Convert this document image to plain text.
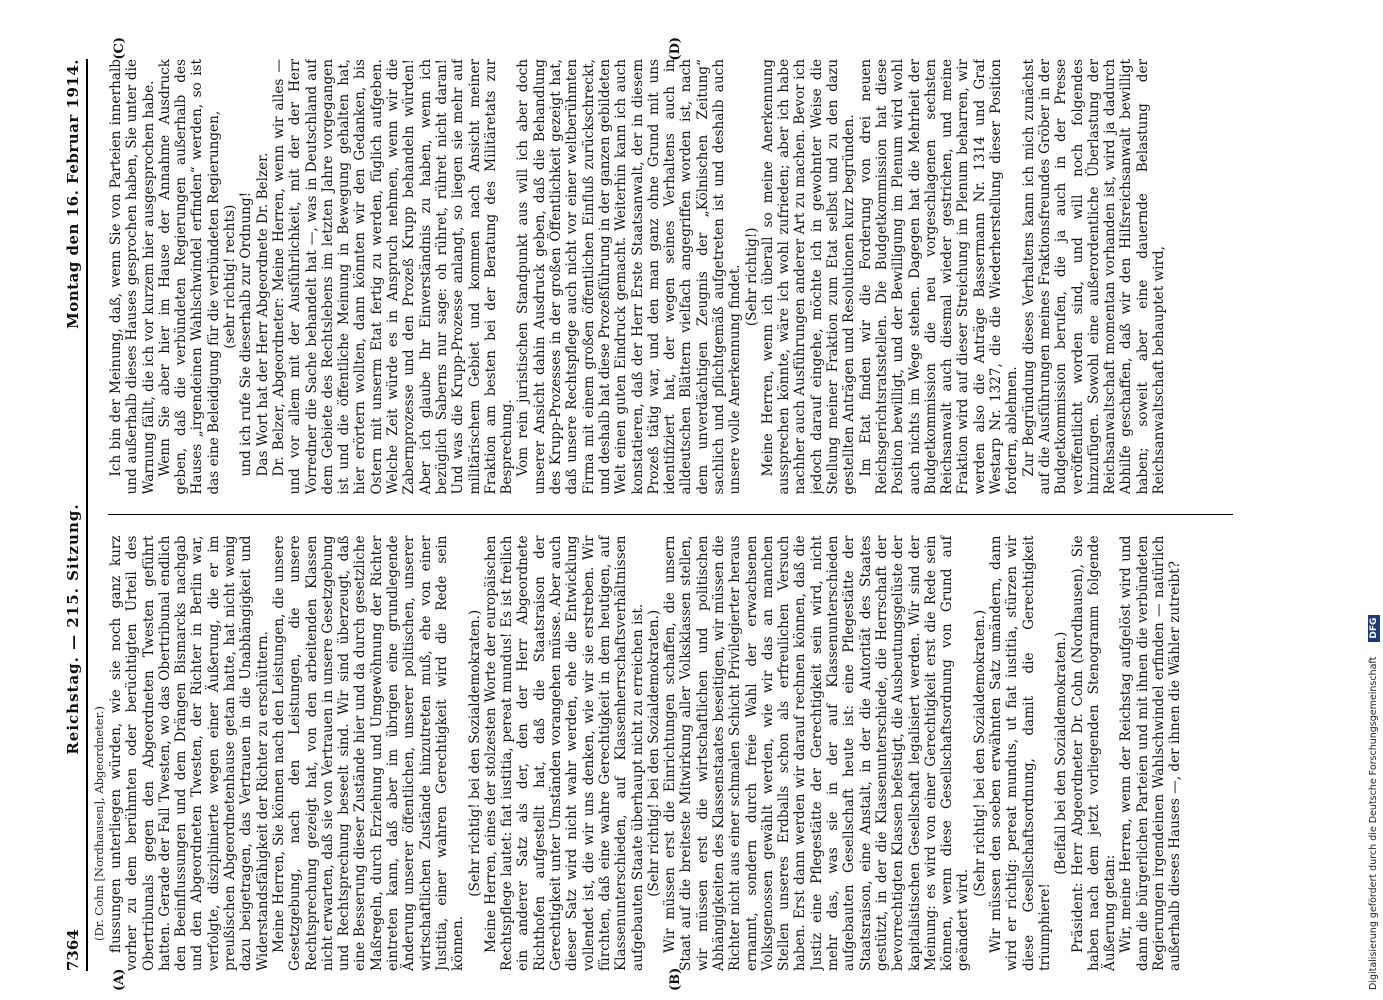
7364
Reichstag. — 215. Sitzung.
Montag den 16. Februar 1914.
(Dr. Cohn [Nordhausen], Abgeordneter.)
(A)	(B)

flussungen unterliegen würden, wie sie noch ganz kurz vorher zu dem berühmten oder berüchtigten Urteil des Obertribunals gegen den Abgeordneten Twesten geführt hatten. Gerade der Fall Twesten, wo das Obertribunal endlich den Beeinflussungen und dem Drängen Bismarcks nachgab und den Abgeordneten Twesten, der Richter in Berlin war, verfolgte, disziplinierte wegen einer Äußerung, die er im preußischen Abgeordnetenhause getan hatte, hat nicht wenig dazu beigetragen, das Vertrauen in die Unabhängigkeit und Widerstandsfähigkeit der Richter zu erschüttern. Meine Herren, Sie können nach den Leistungen, die unsere Gesetzgebung, nach den Leistungen, die unsere Rechtsprechung gezeigt hat, von den arbeitenden Klassen nicht erwarten, daß sie von Vertrauen in unsere Gesetzgebung und Rechtsprechung beseelt sind. Wir sind überzeugt, daß eine Besserung dieser Zustände hier und da durch gesetzliche Maßregeln, durch Erziehung und Umgewöhnung der Richter eintreten kann, daß aber im übrigen eine grundlegende Änderung unserer öffentlichen, unserer politischen, unserer wirtschaftlichen Zustände hinzutreten muß, ehe von einer Justitia, einer wahren Gerechtigkeit wird die Rede sein können.

(Sehr richtig! bei den Sozialdemokraten.) Meine Herren, eines der stolzesten Worte der europäischen Rechtspflege lautet: fiat iustitia, pereat mundus! Es ist freilich ein anderer Satz als der, den der Herr Abgeordnete Richthofen aufgestellt hat, daß die Staatsraison der Gerechtigkeit unter Umständen vorangehen müsse. Aber auch dieser Satz wird nicht wahr werden, ehe die Entwicklung vollendet ist, die wir uns denken, wie wir sie erstreben. Wir fürchten, daß eine wahre Gerechtigkeit in dem heutigen, auf Klassenunterschieden, auf Klassenherrschaftsverhältnissen aufgebauten Staate überhaupt nicht zu erreichen ist. (Sehr richtig! bei den Sozialdemokraten.) Wir müssen erst die Einrichtungen schaffen, die unsern Staat auf die breiteste Mitwirkung aller Volksklassen stellen, wir müssen erst die wirtschaftlichen und politischen Abhängigkeiten des Klassenstaates beseitigen, wir müssen die Richter nicht aus einer schmalen Schicht Privilegierter heraus ernannt, sondern durch freie Wahl der erwachsenen Volksgenossen gewählt werden, wie wir das an manchen Stellen unseres Erdballs schon als erfreulichen Versuch haben. Erst dann werden wir darauf rechnen können, daß die Justiz eine Pflegestätte der Gerechtigkeit sein wird, nicht mehr das, was sie in der auf Klassenunterschieden aufgebauten Gesellschaft heute ist: eine Pflegestätte der Staatsraison, eine Anstalt, in der die Autorität des Staates gestützt, in der die Klassenunterschiede, die Herrschaft der bevorrechtigten Klassen befestigt, die Ausbeutungsgelüste der kapitalistischen Gesellschaft legalisiert werden. Wir sind der Meinung: es wird von einer Gerechtigkeit erst die Rede sein können, wenn diese Gesellschaftsordnung von Grund auf geändert wird.

(Sehr richtig! bei den Sozialdemokraten.) Wir müssen den soeben erwähnten Satz umändern, dann wird er richtig: pereat mundus, ut fiat iustitia, stürzen wir diese Gesellschaftsordnung, damit die Gerechtigkeit triumphiere!

(Beifall bei den Sozialdemokraten.) Präsident: Herr Abgeordneter Dr. Cohn (Nordhausen), Sie haben nach dem jetzt vorliegenden Stenogramm folgende Äußerung getan: Wir, meine Herren, wenn der Reichstag aufgelöst wird und dann die bürgerlichen Parteien und mit ihnen die verbündeten Regierungen irgendeinen Wahlschwindel erfinden — natürlich außerhalb dieses Hauses —, der ihnen die Wähler zutreibt?

Ich bin der Meinung, daß, wenn Sie von Parteien innerhalb und außerhalb dieses Hauses gesprochen haben, Sie unter die Warnung fällt, die ich vor kurzem hier ausgesprochen habe. Wenn Sie aber hier im Hause der Annahme Ausdruck geben, daß die verbündeten Regierungen außerhalb des Hauses „irgendeinen Wahlschwindel erfinden“ werden, so ist das eine Beleidigung für die verbündeten Regierungen, (sehr richtig! rechts) und ich rufe Sie dieserhalb zur Ordnung! Das Wort hat der Herr Abgeordnete Dr. Belzer. Dr. Belzer, Abgeordneter: Meine Herren, wenn wir alles — und vor allem mit der Ausführlichkeit, mit der der Herr Vorredner die Sache behandelt hat —, was in Deutschland auf dem Gebiete des Rechtslebens im letzten Jahre vorgegangen ist und die öffentliche Meinung in Bewegung gehalten hat, hier erörtern wollten, dann könnten wir den Gedanken, bis Ostern mit unserm Etat fertig zu werden, füglich aufgeben. Welche Zeit würde es in Anspruch nehmen, wenn wir die Zabernprozesse und den Prozeß Krupp behandeln würden! Aber ich glaube Ihr Einverständnis zu haben, wenn ich bezüglich Saberns nur sage: oh rühret, rühret nicht daran! Und was die Krupp-Prozesse anlangt, so liegen sie mehr auf militärischem Gebiet und kommen nach Ansicht meiner Fraktion am besten bei der Beratung des Militäretats zur Besprechung. Vom rein juristischen Standpunkt aus will ich aber doch unserer Ansicht dahin Ausdruck geben, daß die Behandlung des Krupp-Prozesses in der großen Öffentlichkeit gezeigt hat, daß unsere Rechtspflege auch nicht vor einer weltberühmten Firma mit einem großen öffentlichen Einfluß zurückschreckt, und deshalb hat diese Prozeßführung in der ganzen gebildeten Welt einen guten Eindruck gemacht. Weiterhin kann ich auch konstatieren, daß der Herr Erste Staatsanwalt, der in diesem Prozeß tätig war, und den man ganz ohne Grund mit uns identifiziert hat, der wegen seines Verhaltens auch in alldeutschen Blättern vielfach angegriffen worden ist, nach dem unverdächtigen Zeugnis der „Kölnischen Zeitung“ sachlich und pflichtgemäß aufgetreten ist und deshalb auch unsere volle Anerkennung findet. (Sehr richtig!) Meine Herren, wenn ich überall so meine Anerkennung aussprechen könnte, wäre ich wohl zufrieden; aber ich habe nachher auch Ausführungen anderer Art zu machen. Bevor ich jedoch darauf eingehe, möchte ich in gewohnter Weise die Stellung meiner Fraktion zum Etat selbst und zu den dazu gestellten Anträgen und Resolutionen kurz begründen. Im Etat finden wir die Forderung von drei neuen Reichsgerichtsratsstellen. Die Budgetkommission hat diese Position bewilligt, und der Bewilligung im Plenum wird wohl auch nichts im Wege stehen. Dagegen hat die Mehrheit der Budgetkommission die neu vorgeschlagenen sechsten Reichsanwalt auch diesmal wieder gestrichen, und meine Fraktion wird auf dieser Streichung im Plenum beharren, wir werden also die Anträge Bassermann Nr. 1314 und Graf Westarp Nr. 1327, die die Wiederherstellung dieser Position fordern, ablehnen. Zur Begründung dieses Verhaltens kann ich mich zunächst auf die Ausführungen meines Fraktionsfreundes Gröber in der Budgetkommission berufen, die ja auch in der Presse veröffentlicht worden sind, und will noch folgendes hinzufügen. Sowohl eine außerordentliche Überlastung der Reichsanwaltschaft momentan vorhanden ist, wird ja dadurch Abhilfe geschaffen, daß wir den Hilfsreichsanwalt bewilligt haben; soweit aber eine dauernde Belastung der Reichsanwaltschaft behauptet wird,

(C)	(D)
Digitalisierung gefördert durch die Deutsche Forschungsgemeinschaft DFG
